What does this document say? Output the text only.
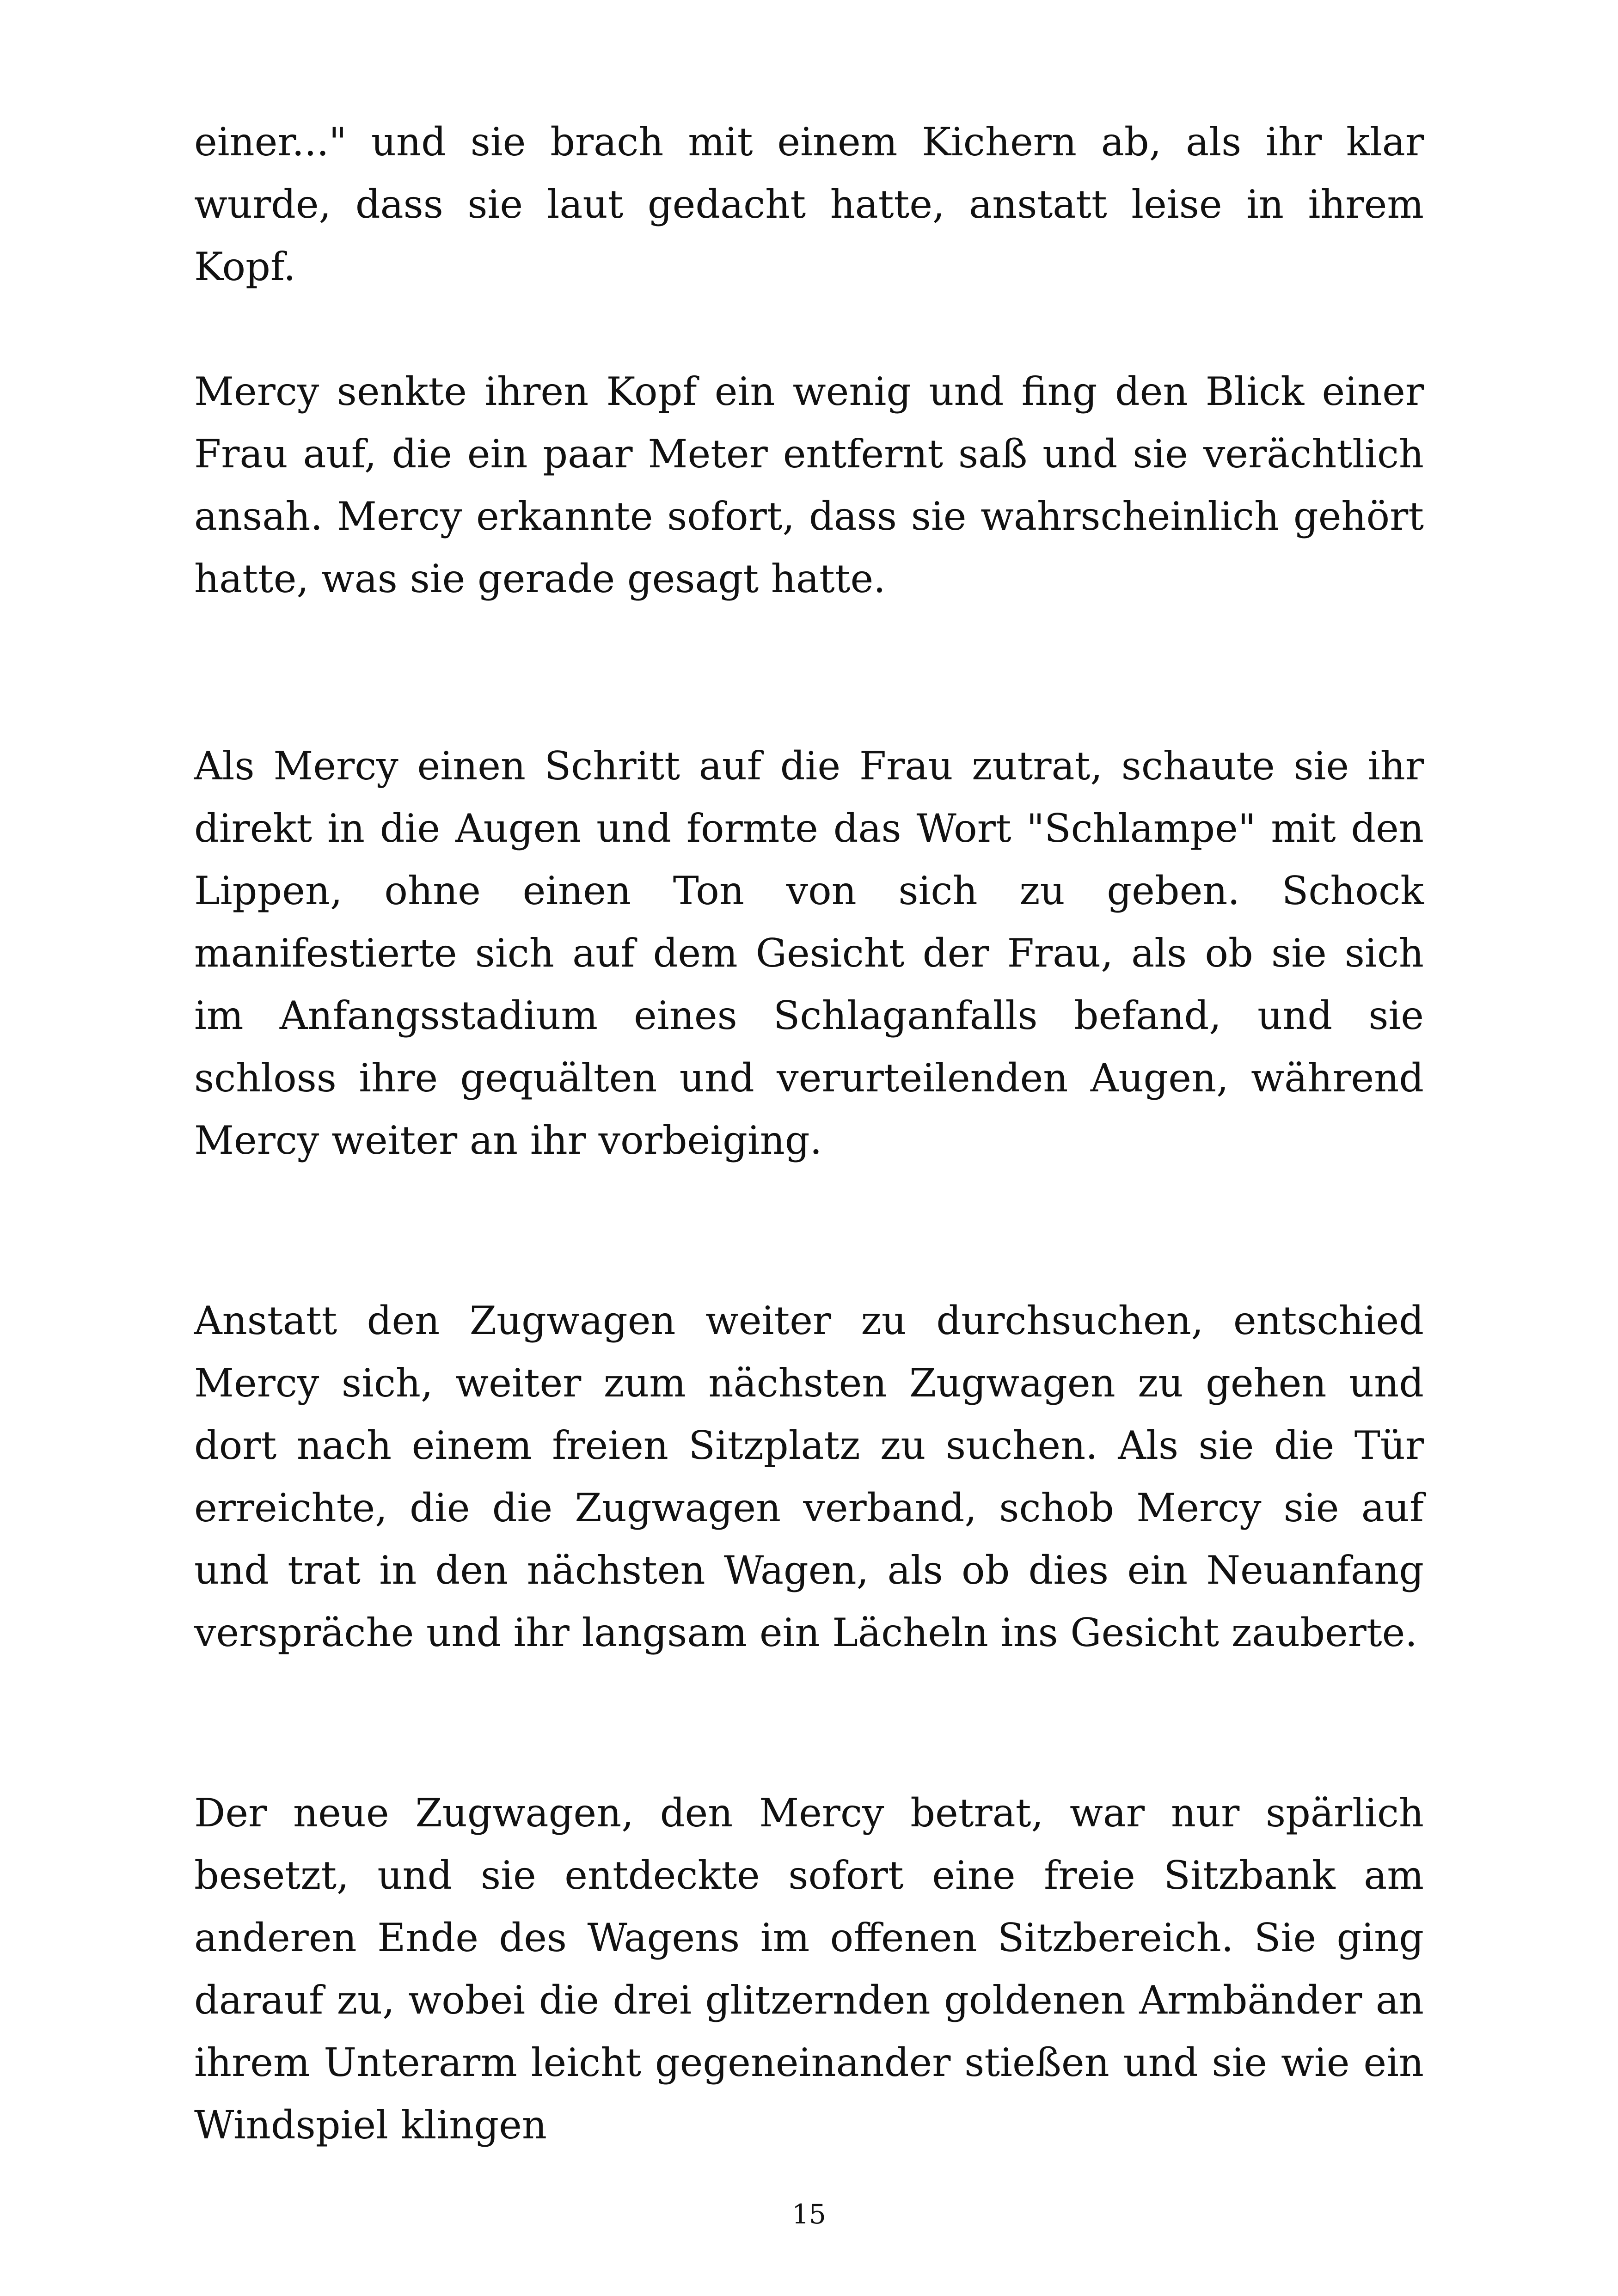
einer..." und sie brach mit einem Kichern ab, als ihr klar wurde, dass sie laut gedacht hatte, anstatt leise in ihrem Kopf.

Mercy senkte ihren Kopf ein wenig und fing den Blick einer Frau auf, die ein paar Meter entfernt saß und sie verächtlich ansah. Mercy erkannte sofort, dass sie wahrscheinlich gehört hatte, was sie gerade gesagt hatte.

Als Mercy einen Schritt auf die Frau zutrat, schaute sie ihr direkt in die Augen und formte das Wort "Schlampe" mit den Lippen, ohne einen Ton von sich zu geben. Schock manifestierte sich auf dem Gesicht der Frau, als ob sie sich im Anfangsstadium eines Schlaganfalls befand, und sie schloss ihre gequälten und verurteilenden Augen, während Mercy weiter an ihr vorbeiging.

Anstatt den Zugwagen weiter zu durchsuchen, entschied Mercy sich, weiter zum nächsten Zugwagen zu gehen und dort nach einem freien Sitzplatz zu suchen. Als sie die Tür erreichte, die die Zugwagen verband, schob Mercy sie auf und trat in den nächsten Wagen, als ob dies ein Neuanfang verspräche und ihr langsam ein Lächeln ins Gesicht zauberte.

Der neue Zugwagen, den Mercy betrat, war nur spärlich besetzt, und sie entdeckte sofort eine freie Sitzbank am anderen Ende des Wagens im offenen Sitzbereich. Sie ging darauf zu, wobei die drei glitzernden goldenen Armbänder an ihrem Unterarm leicht gegeneinander stießen und sie wie ein Windspiel klingen

15
